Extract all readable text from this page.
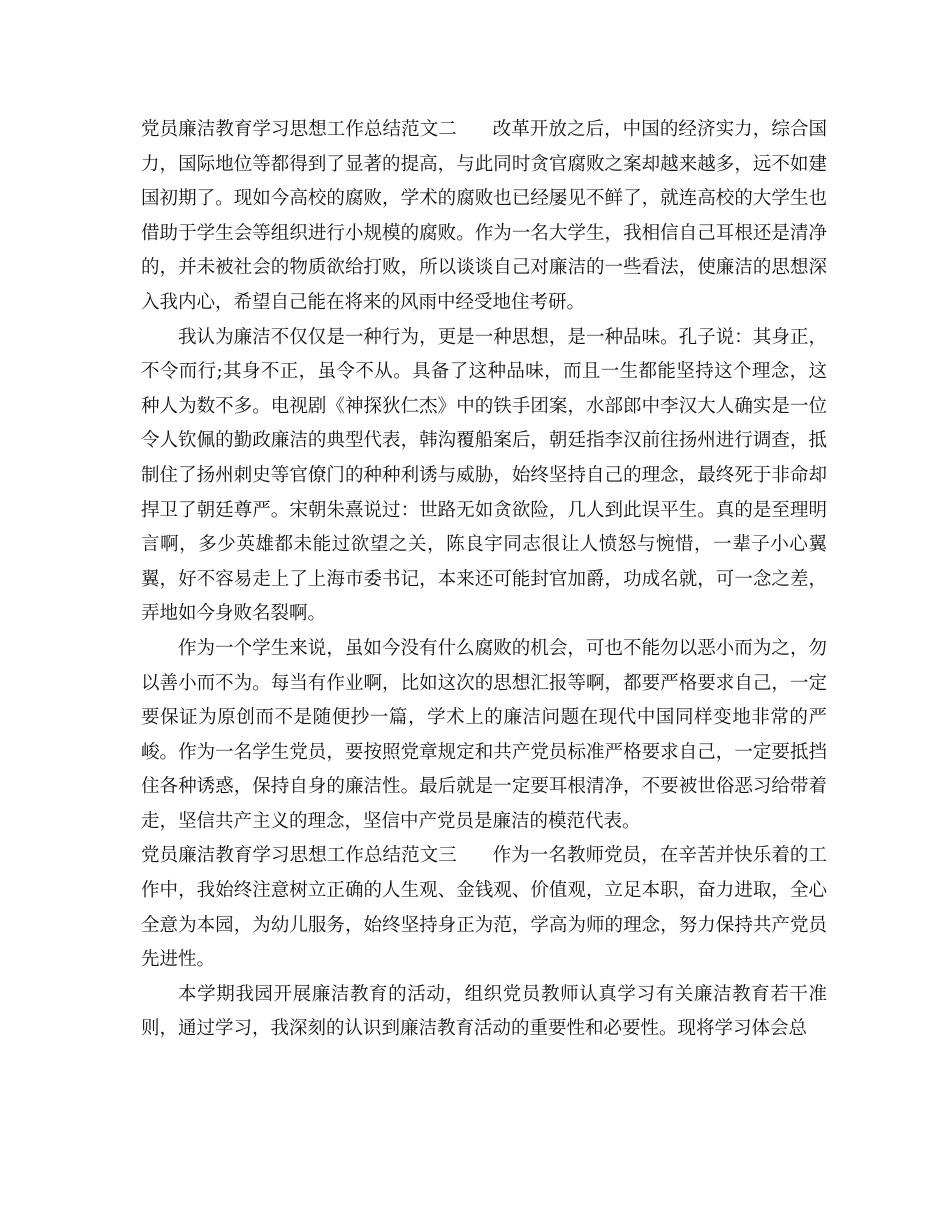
党员廉洁教育学习思想工作总结范文二 改革开放之后，中国的经济实力，综合国力，国际地位等都得到了显著的提高，与此同时贪官腐败之案却越来越多，远不如建国初期了。现如今高校的腐败，学术的腐败也已经屡见不鲜了，就连高校的大学生也借助于学生会等组织进行小规模的腐败。作为一名大学生，我相信自己耳根还是清净的，并未被社会的物质欲给打败，所以谈谈自己对廉洁的一些看法，使廉洁的思想深入我内心，希望自己能在将来的风雨中经受地住考研。

我认为廉洁不仅仅是一种行为，更是一种思想，是一种品味。孔子说：其身正，不令而行;其身不正，虽令不从。具备了这种品味，而且一生都能坚持这个理念，这种人为数不多。电视剧《神探狄仁杰》中的铁手团案，水部郎中李汉大人确实是一位令人钦佩的勤政廉洁的典型代表，韩沟覆船案后，朝廷指李汉前往扬州进行调查，抵制住了扬州刺史等官僚门的种种利诱与威胁，始终坚持自己的理念，最终死于非命却捍卫了朝廷尊严。宋朝朱熹说过：世路无如贪欲险，几人到此误平生。真的是至理明言啊，多少英雄都未能过欲望之关，陈良宇同志很让人愤怒与惋惜，一辈子小心翼翼，好不容易走上了上海市委书记，本来还可能封官加爵，功成名就，可一念之差，弄地如今身败名裂啊。

作为一个学生来说，虽如今没有什么腐败的机会，可也不能勿以恶小而为之，勿以善小而不为。每当有作业啊，比如这次的思想汇报等啊，都要严格要求自己，一定要保证为原创而不是随便抄一篇，学术上的廉洁问题在现代中国同样变地非常的严峻。作为一名学生党员，要按照党章规定和共产党员标准严格要求自己，一定要抵挡住各种诱惑，保持自身的廉洁性。最后就是一定要耳根清净，不要被世俗恶习给带着走，坚信共产主义的理念，坚信中产党员是廉洁的模范代表。

党员廉洁教育学习思想工作总结范文三 作为一名教师党员，在辛苦并快乐着的工作中，我始终注意树立正确的人生观、金钱观、价值观，立足本职，奋力进取，全心全意为本园，为幼儿服务，始终坚持身正为范，学高为师的理念，努力保持共产党员先进性。

本学期我园开展廉洁教育的活动，组织党员教师认真学习有关廉洁教育若干准则，通过学习，我深刻的认识到廉洁教育活动的重要性和必要性。现将学习体会总
